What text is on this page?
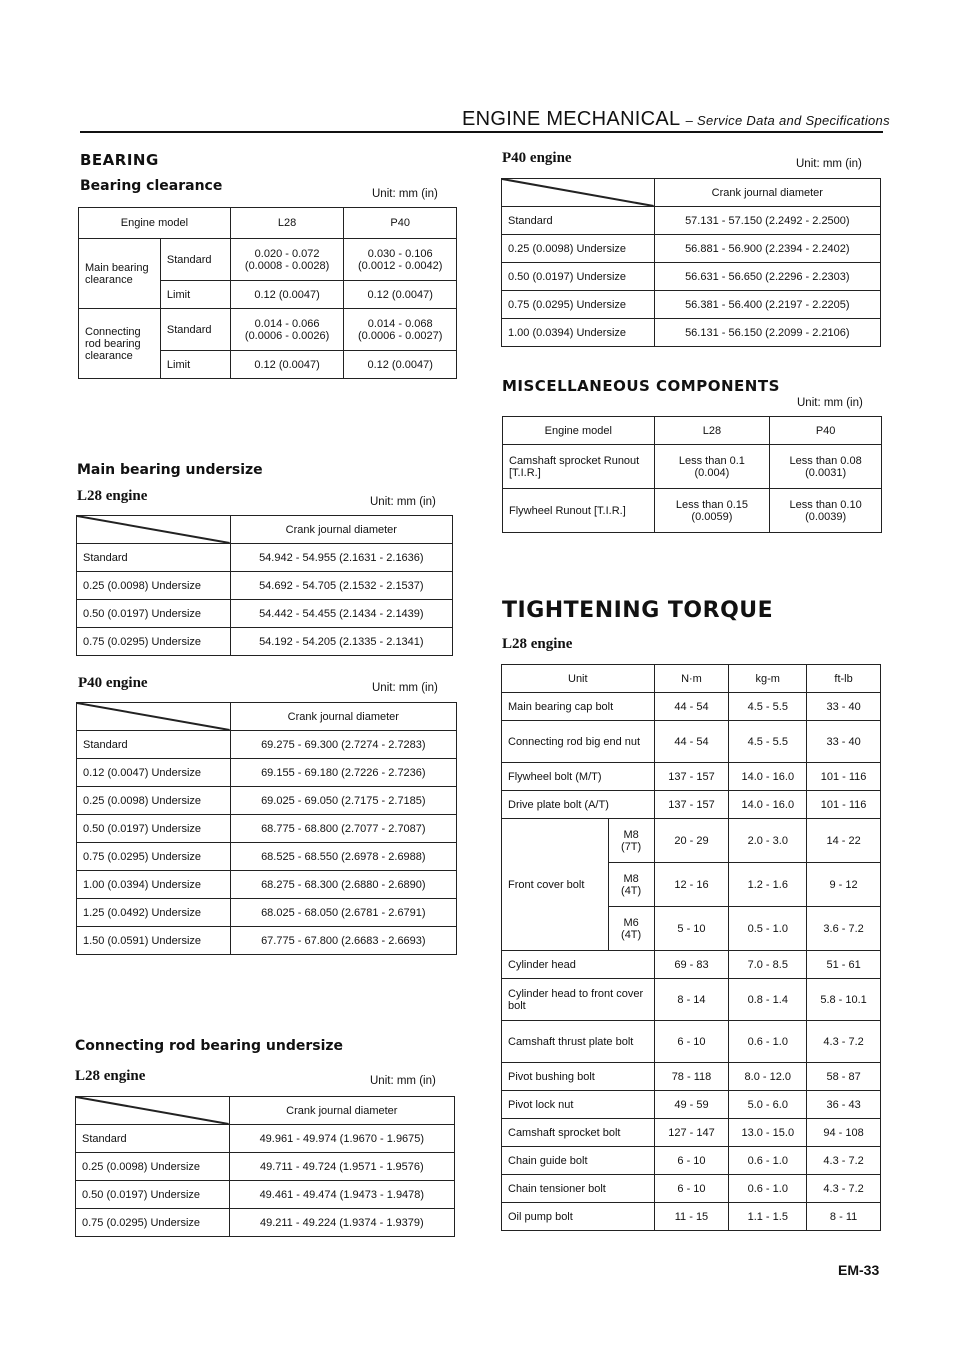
ENGINE MECHANICAL – Service Data and Specifications
BEARING
Bearing clearance	Unit: mm (in)
Engine model		L28	P40
Main bearing clearance	Standard	0.020 - 0.072 (0.0008 - 0.0028)	0.030 - 0.106 (0.0012 - 0.0042)
	Limit	0.12 (0.0047)	0.12 (0.0047)
Connecting rod bearing clearance	Standard	0.014 - 0.066 (0.0006 - 0.0026)	0.014 - 0.068 (0.0006 - 0.0027)
	Limit	0.12 (0.0047)	0.12 (0.0047)
Main bearing undersize
L28 engine	Unit: mm (in)
	Crank journal diameter
Standard	54.942 - 54.955 (2.1631 - 2.1636)
0.25 (0.0098) Undersize	54.692 - 54.705 (2.1532 - 2.1537)
0.50 (0.0197) Undersize	54.442 - 54.455 (2.1434 - 2.1439)
0.75 (0.0295) Undersize	54.192 - 54.205 (2.1335 - 2.1341)
P40 engine	Unit: mm (in)
	Crank journal diameter
Standard	69.275 - 69.300 (2.7274 - 2.7283)
0.12 (0.0047) Undersize	69.155 - 69.180 (2.7226 - 2.7236)
0.25 (0.0098) Undersize	69.025 - 69.050 (2.7175 - 2.7185)
0.50 (0.0197) Undersize	68.775 - 68.800 (2.7077 - 2.7087)
0.75 (0.0295) Undersize	68.525 - 68.550 (2.6978 - 2.6988)
1.00 (0.0394) Undersize	68.275 - 68.300 (2.6880 - 2.6890)
1.25 (0.0492) Undersize	68.025 - 68.050 (2.6781 - 2.6791)
1.50 (0.0591) Undersize	67.775 - 67.800 (2.6683 - 2.6693)
Connecting rod bearing undersize
L28 engine	Unit: mm (in)
	Crank journal diameter
Standard	49.961 - 49.974 (1.9670 - 1.9675)
0.25 (0.0098) Undersize	49.711 - 49.724 (1.9571 - 1.9576)
0.50 (0.0197) Undersize	49.461 - 49.474 (1.9473 - 1.9478)
0.75 (0.0295) Undersize	49.211 - 49.224 (1.9374 - 1.9379)
P40 engine	Unit: mm (in)
	Crank journal diameter
Standard	57.131 - 57.150 (2.2492 - 2.2500)
0.25 (0.0098) Undersize	56.881 - 56.900 (2.2394 - 2.2402)
0.50 (0.0197) Undersize	56.631 - 56.650 (2.2296 - 2.2303)
0.75 (0.0295) Undersize	56.381 - 56.400 (2.2197 - 2.2205)
1.00 (0.0394) Undersize	56.131 - 56.150 (2.2099 - 2.2106)
MISCELLANEOUS COMPONENTS
Unit: mm (in)
Engine model	L28	P40
Camshaft sprocket Runout [T.I.R.]	Less than 0.1 (0.004)	Less than 0.08 (0.0031)
Flywheel Runout [T.I.R.]	Less than 0.15 (0.0059)	Less than 0.10 (0.0039)
TIGHTENING TORQUE
L28 engine
Unit		N·m	kg-m	ft-lb
Main bearing cap bolt		44 - 54	4.5 - 5.5	33 - 40
Connecting rod big end nut		44 - 54	4.5 - 5.5	33 - 40
Flywheel bolt (M/T)		137 - 157	14.0 - 16.0	101 - 116
Drive plate bolt (A/T)		137 - 157	14.0 - 16.0	101 - 116
Front cover bolt	M8 (7T)	20 - 29	2.0 - 3.0	14 - 22
	M8 (4T)	12 - 16	1.2 - 1.6	9 - 12
	M6 (4T)	5 - 10	0.5 - 1.0	3.6 - 7.2
Cylinder head		69 - 83	7.0 - 8.5	51 - 61
Cylinder head to front cover bolt		8 - 14	0.8 - 1.4	5.8 - 10.1
Camshaft thrust plate bolt		6 - 10	0.6 - 1.0	4.3 - 7.2
Pivot bushing bolt		78 - 118	8.0 - 12.0	58 - 87
Pivot lock nut		49 - 59	5.0 - 6.0	36 - 43
Camshaft sprocket bolt		127 - 147	13.0 - 15.0	94 - 108
Chain guide bolt		6 - 10	0.6 - 1.0	4.3 - 7.2
Chain tensioner bolt		6 - 10	0.6 - 1.0	4.3 - 7.2
Oil pump bolt		11 - 15	1.1 - 1.5	8 - 11
EM-33
